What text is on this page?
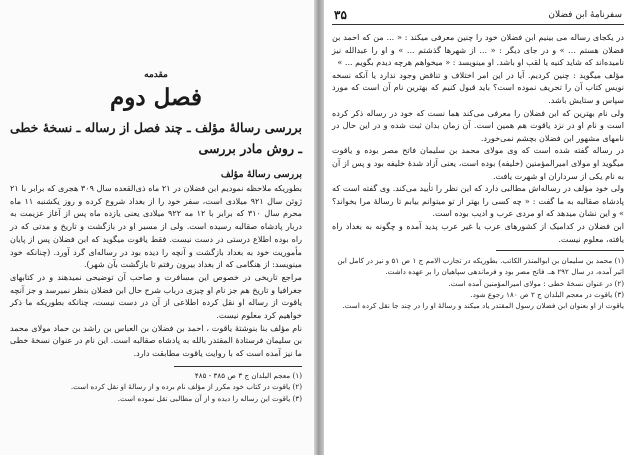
مقدمه
فصل دوم
بررسی رسالهٔ مؤلف ـ چند فصل از رساله ـ نسخهٔ خطی ـ روش مادر بررسی
بررسی رسالهٔ مؤلف

بطوریکه ملاحظه نمودیم ابن فضلان در ۲۱ ماه ذی‌القعده سال ۳۰۹ هجری که برابر با ۲۱ ژوئن سال ۹۲۱ میلادی است، سفر خود را از بغداد شروع کرده و روز یکشنبه ۱۱ ماه محرم سال ۳۱۰ که برابر با ۱۲ مه ۹۲۲ میلادی یعنی یازده ماه پس از آغاز عزیمت به دربار پادشاه صقالبه رسیده است. ولی از مسیر او در بازگشت و تاریخ و مدتی که در راه بوده اطلاع درستی در دست نیست. فقط یاقوت میگوید که ابن فضلان پس از پایان مأموریت خود به بغداد بازگشت و آنچه را دیده بود در رساله‌ای گرد آورد. (چنانکه خود مینویسد: از هنگامی که از بغداد بیرون رفتم تا بازگشت بآن شهر).

مراجع تاریخی در خصوص این مسافرت و صاحب آن توضیحی نمیدهند و در کتابهای جغرافیا و تاریخ هم جز نام او چیزی درباب شرح حال ابن فضلان بنظر نمیرسد و جز آنچه یاقوت از رساله او نقل کرده اطلاعی از آن در دست نیست، چنانکه بطوریکه ما ذکر خواهیم کرد معلوم نیست.

نام مؤلف بنا بنوشتهٔ یاقوت ، احمد بن فضلان بن العباس بن راشد بن حماد مولای محمد بن سلیمان فرستادهٔ المقتدر بالله به پادشاه صقالبه است. این نام در عنوان نسخهٔ خطی ما نیز آمده است که با روایت یاقوت مطابقت دارد.

(۱) معجم البلدان ج ۳ ص ۳۸۵ - ۴۸۵

(۲) یاقوت در کتاب خود مکرر از مؤلف نام برده و از رسالهٔ او نقل کرده است.

(۳) یاقوت این رساله را دیده و از آن مطالبی نقل نموده است.

سفرنامهٔ ابن فضلان
۳۵

در یکجای رساله می بینیم ابن فضلان خود را چنین معرفی میکند : « ... من که احمد بن فضلان هستم ... » و در جای دیگر : « ... از شهرها گذشتم ... » و او را عبدالله نیز نامیده‌اند که شاید کنیه یا لقب او باشد. او مینویسد : « میخواهم هرچه دیدم بگویم ... »

مؤلف میگوید : چنین کردیم. آیا در این امر اختلاف و تناقض وجود ندارد یا آنکه نسخه نویس کتاب آن را تحریف نموده است؟ باید قبول کنیم که بهترین نام آن است که مورد سپاس و ستایش باشد.

ولی نام بهترین که ابن فضلان را معرفی می‌کند هما نست که خود در رساله ذکر کرده است و نام او در نزد یاقوت هم همین است. آن زمان بدان ثبت شده و در این حال در نامهای مشهور ابن فضلان بچشم نمی‌خورد.

در رساله گفته شده است که وی مولای محمد بن سلیمان فاتح مصر بوده و یاقوت میگوید او مولای امیرالمؤمنین (خلیفه) بوده است، یعنی آزاد شدهٔ خلیفه بود و پس از آن به نام یکی از سرداران او شهرت یافت.

ولی خود مؤلف در رساله‌اش مطالبی دارد که این نظر را تأیید می‌کند. وی گفته است که پادشاه صقالبه به ما گفت : « چه کسی را بهتر از تو میتوانم بیابم تا رسالهٔ مرا بخواند؟ » و این نشان میدهد که او مردی عرب و ادیب بوده است.

ابن فضلان در کدامیک از کشورهای عرب یا غیر عرب پدید آمده و چگونه به بغداد راه یافته، معلوم نیست.

(۱) محمد بن سلیمان بن ابوالمنذر الکاتب. بطوریکه در تجارب الامم ج ۱ ص ۵۱ و نیز در کامل ابن اثیر آمده، در سال ۲۹۲ هـ. فاتح مصر بود و فرماندهی سپاهیان را بر عهده داشت.

(۲) در عنوان نسخهٔ خطی : مولای امیرالمؤمنین آمده است.

(۳) یاقوت در معجم البلدان ج ۲ ص ۱۸۰ رجوع شود.

یاقوت از او بعنوان ابن فضلان رسول المقتدر یاد میکند و رسالهٔ او را در چند جا نقل کرده است.
